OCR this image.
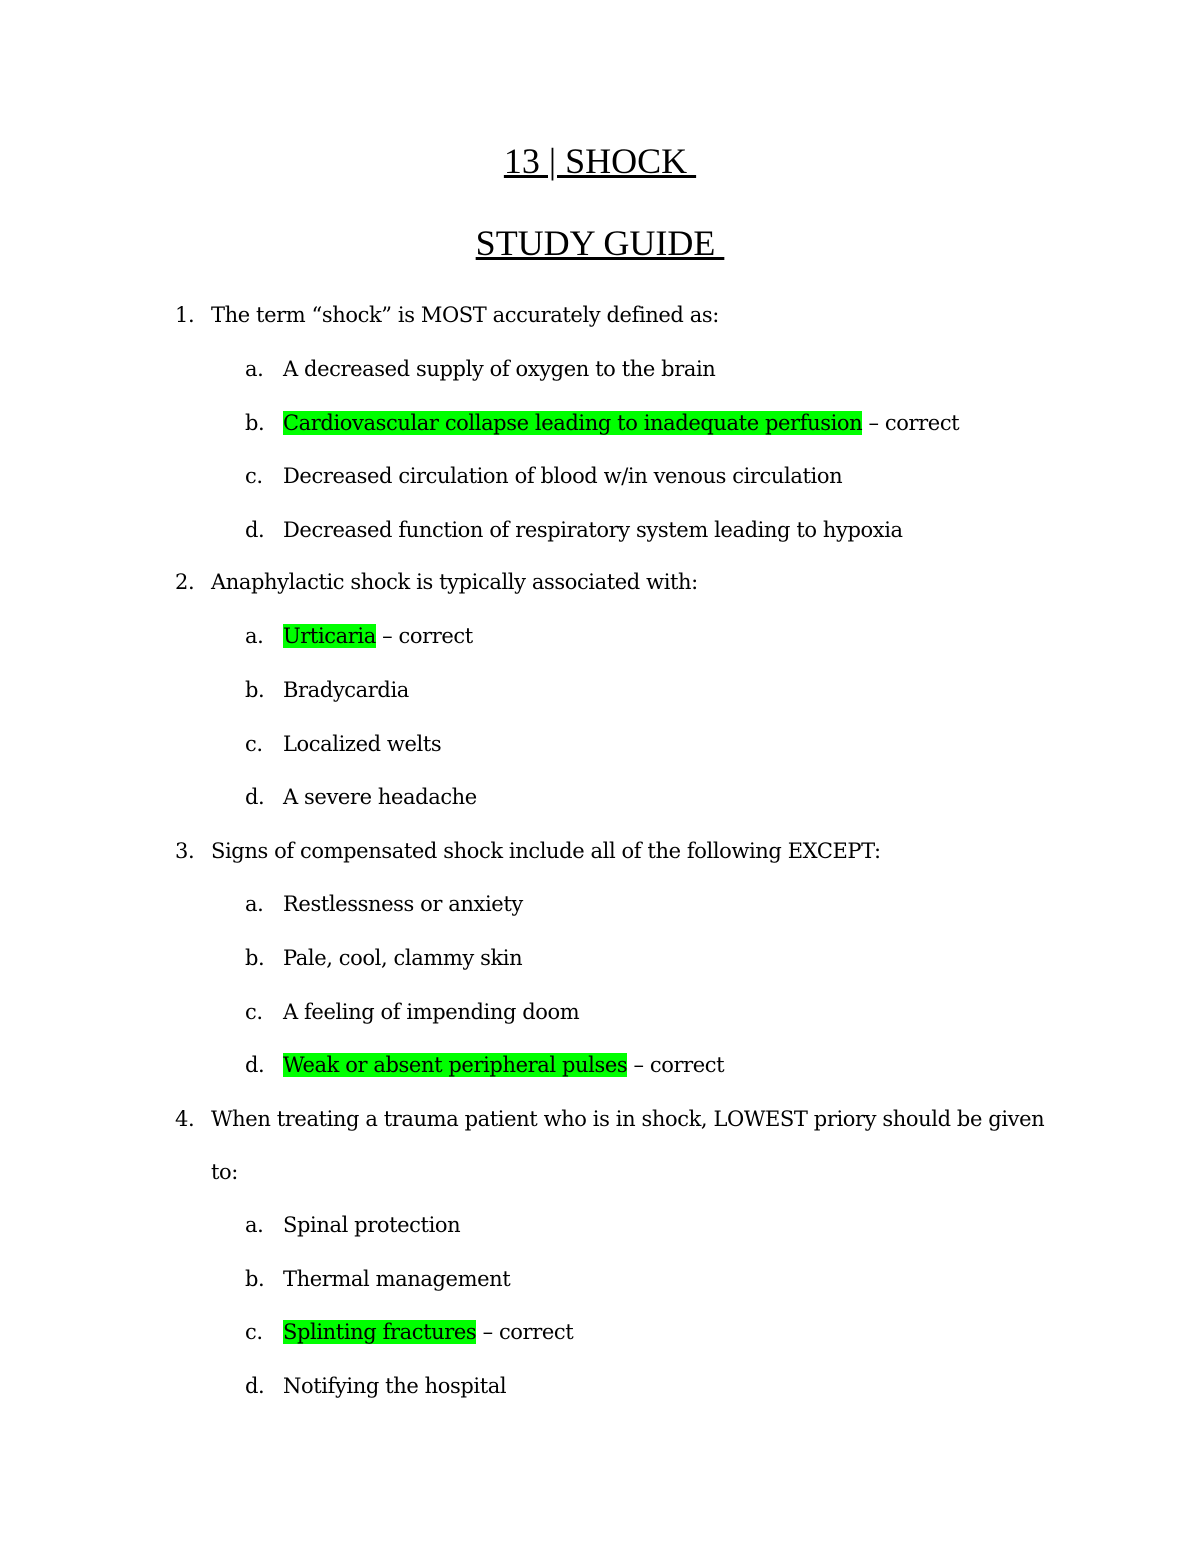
13 | SHOCK
STUDY GUIDE
1. The term “shock” is MOST accurately defined as:
a. A decreased supply of oxygen to the brain
b. Cardiovascular collapse leading to inadequate perfusion – correct
c. Decreased circulation of blood w/in venous circulation
d. Decreased function of respiratory system leading to hypoxia
2. Anaphylactic shock is typically associated with:
a. Urticaria – correct
b. Bradycardia
c. Localized welts
d. A severe headache
3. Signs of compensated shock include all of the following EXCEPT:
a. Restlessness or anxiety
b. Pale, cool, clammy skin
c. A feeling of impending doom
d. Weak or absent peripheral pulses – correct
4. When treating a trauma patient who is in shock, LOWEST priory should be given
to:
a. Spinal protection
b. Thermal management
c. Splinting fractures – correct
d. Notifying the hospital
